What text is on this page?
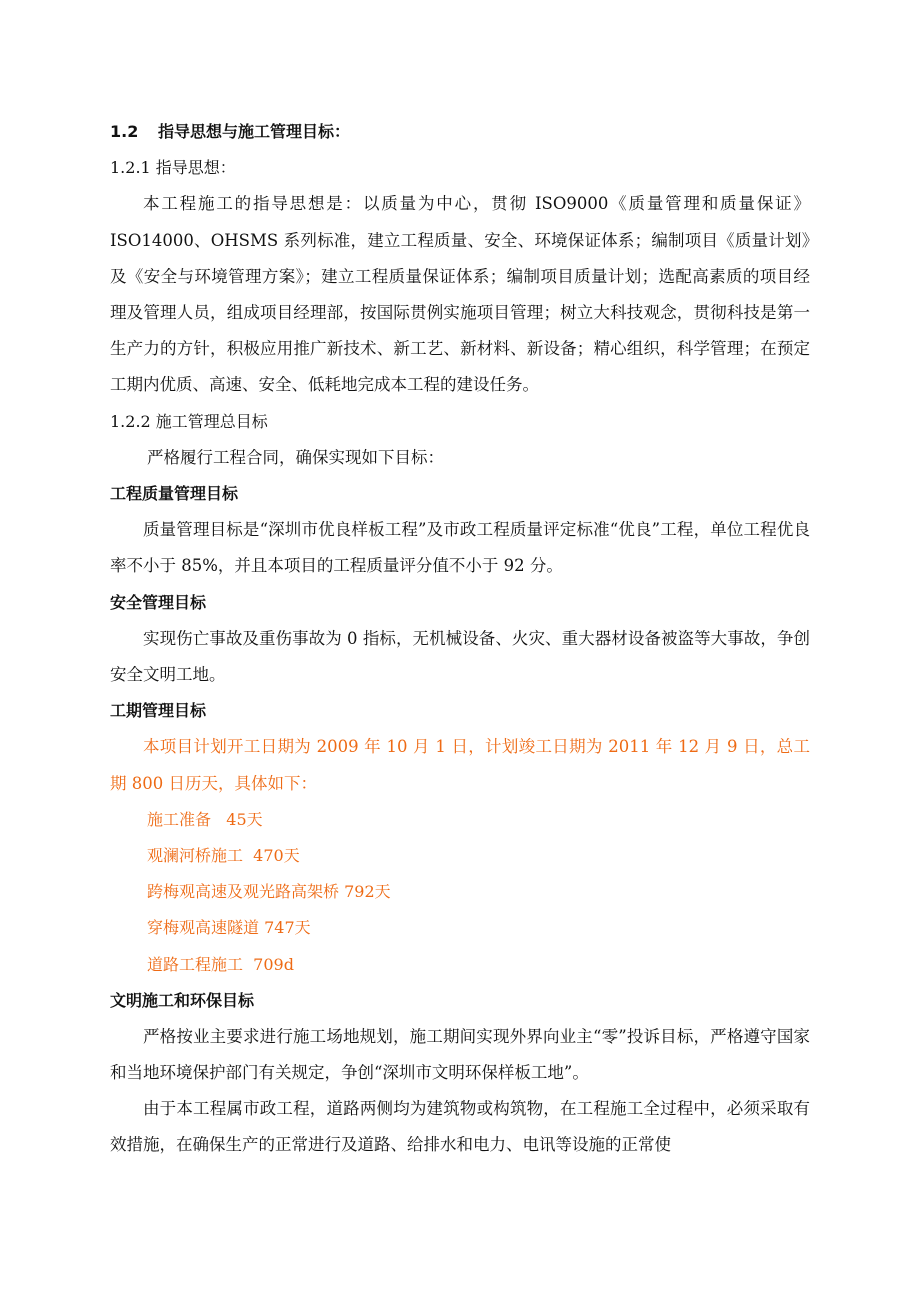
1.2 指导思想与施工管理目标：
1.2.1 指导思想：
本工程施工的指导思想是：以质量为中心，贯彻 ISO9000《质量管理和质量保证》ISO14000、OHSMS 系列标准，建立工程质量、安全、环境保证体系；编制项目《质量计划》及《安全与环境管理方案》；建立工程质量保证体系；编制项目质量计划；选配高素质的项目经理及管理人员，组成项目经理部，按国际贯例实施项目管理；树立大科技观念，贯彻科技是第一生产力的方针，积极应用推广新技术、新工艺、新材料、新设备；精心组织，科学管理；在预定工期内优质、高速、安全、低耗地完成本工程的建设任务。
1.2.2 施工管理总目标
严格履行工程合同，确保实现如下目标：
工程质量管理目标
质量管理目标是“深圳市优良样板工程”及市政工程质量评定标准“优良”工程，单位工程优良率不小于 85%，并且本项目的工程质量评分值不小于 92 分。
安全管理目标
实现伤亡事故及重伤事故为 0 指标，无机械设备、火灾、重大器材设备被盗等大事故，争创安全文明工地。
工期管理目标
本项目计划开工日期为 2009 年 10 月 1 日，计划竣工日期为 2011 年 12 月 9 日，总工期 800 日历天，具体如下：
施工准备   45天
观澜河桥施工  470天
跨梅观高速及观光路高架桥 792天
穿梅观高速隧道 747天
道路工程施工  709d
文明施工和环保目标
严格按业主要求进行施工场地规划，施工期间实现外界向业主“零”投诉目标，严格遵守国家和当地环境保护部门有关规定，争创“深圳市文明环保样板工地”。
由于本工程属市政工程，道路两侧均为建筑物或构筑物，在工程施工全过程中，必须采取有效措施，在确保生产的正常进行及道路、给排水和电力、电讯等设施的正常使
